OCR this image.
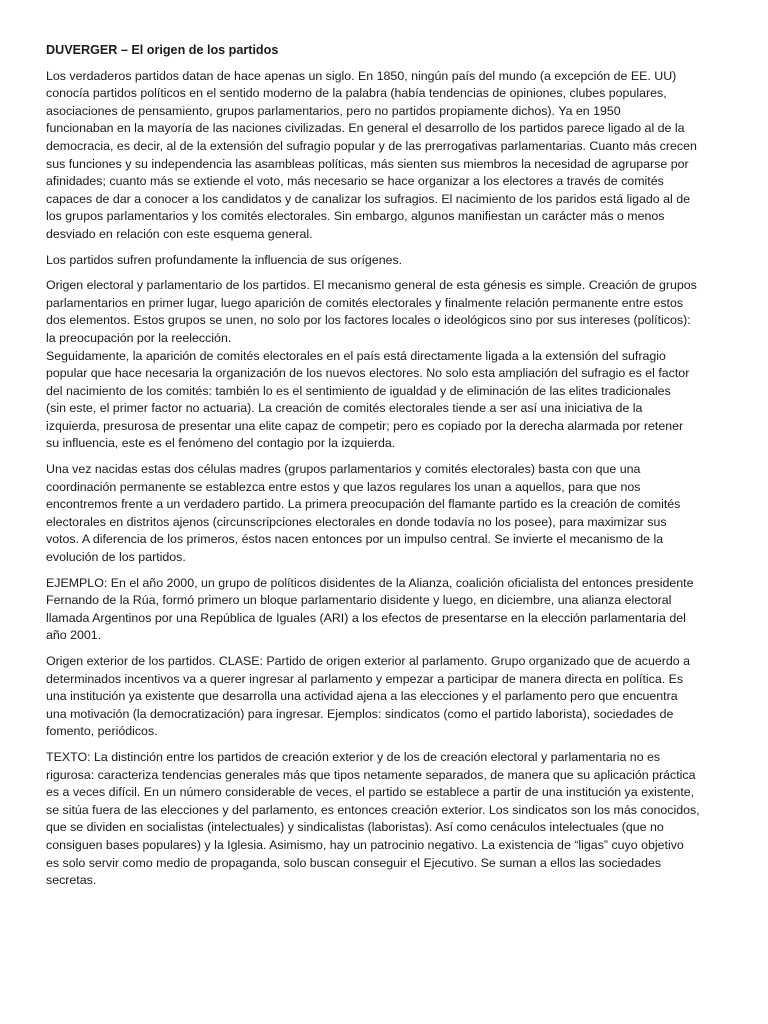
DUVERGER – El origen de los partidos
Los verdaderos partidos datan de hace apenas un siglo. En 1850, ningún país del mundo (a excepción de EE. UU)
conocía partidos políticos en el sentido moderno de la palabra (había tendencias de opiniones, clubes populares,
asociaciones de pensamiento, grupos parlamentarios, pero no partidos propiamente dichos). Ya en 1950
funcionaban en la mayoría de las naciones civilizadas. En general el desarrollo de los partidos parece ligado al de la
democracia, es decir, al de la extensión del sufragio popular y de las prerrogativas parlamentarias. Cuanto más crecen
sus funciones y su independencia las asambleas políticas, más sienten sus miembros la necesidad de agruparse por
afinidades; cuanto más se extiende el voto, más necesario se hace organizar a los electores a través de comités
capaces de dar a conocer a los candidatos y de canalizar los sufragios. El nacimiento de los paridos está ligado al de
los grupos parlamentarios y los comités electorales. Sin embargo, algunos manifiestan un carácter más o menos
desviado en relación con este esquema general.
Los partidos sufren profundamente la influencia de sus orígenes.
Origen electoral y parlamentario de los partidos. El mecanismo general de esta génesis es simple. Creación de grupos
parlamentarios en primer lugar, luego aparición de comités electorales y finalmente relación permanente entre estos
dos elementos. Estos grupos se unen, no solo por los factores locales o ideológicos sino por sus intereses (políticos):
la preocupación por la reelección.
Seguidamente, la aparición de comités electorales en el país está directamente ligada a la extensión del sufragio
popular que hace necesaria la organización de los nuevos electores. No solo esta ampliación del sufragio es el factor
del nacimiento de los comités: también lo es el sentimiento de igualdad y de eliminación de las elites tradicionales
(sin este, el primer factor no actuaria). La creación de comités electorales tiende a ser así una iniciativa de la
izquierda, presurosa de presentar una elite capaz de competir; pero es copiado por la derecha alarmada por retener
su influencia, este es el fenómeno del contagio por la izquierda.
Una vez nacidas estas dos células madres (grupos parlamentarios y comités electorales) basta con que una
coordinación permanente se establezca entre estos y que lazos regulares los unan a aquellos, para que nos
encontremos frente a un verdadero partido. La primera preocupación del flamante partido es la creación de comités
electorales en distritos ajenos (circunscripciones electorales en donde todavía no los posee), para maximizar sus
votos. A diferencia de los primeros, éstos nacen entonces por un impulso central. Se invierte el mecanismo de la
evolución de los partidos.
EJEMPLO: En el año 2000, un grupo de políticos disidentes de la Alianza, coalición oficialista del entonces presidente
Fernando de la Rúa, formó primero un bloque parlamentario disidente y luego, en diciembre, una alianza electoral
llamada Argentinos por una República de Iguales (ARI) a los efectos de presentarse en la elección parlamentaria del
año 2001.
Origen exterior de los partidos. CLASE: Partido de origen exterior al parlamento. Grupo organizado que de acuerdo a
determinados incentivos va a querer ingresar al parlamento y empezar a participar de manera directa en política. Es
una institución ya existente que desarrolla una actividad ajena a las elecciones y el parlamento pero que encuentra
una motivación (la democratización) para ingresar. Ejemplos: sindicatos (como el partido laborista), sociedades de
fomento, periódicos.
TEXTO: La distinción entre los partidos de creación exterior y de los de creación electoral y parlamentaria no es
rigurosa: caracteriza tendencias generales más que tipos netamente separados, de manera que su aplicación práctica
es a veces difícil. En un número considerable de veces, el partido se establece a partir de una institución ya existente,
se sitúa fuera de las elecciones y del parlamento, es entonces creación exterior. Los sindicatos son los más conocidos,
que se dividen en socialistas (intelectuales) y sindicalistas (laboristas). Así como cenáculos intelectuales (que no
consiguen bases populares) y la Iglesia. Asimismo, hay un patrocinio negativo. La existencia de “ligas” cuyo objetivo
es solo servir como medio de propaganda, solo buscan conseguir el Ejecutivo. Se suman a ellos las sociedades
secretas.
